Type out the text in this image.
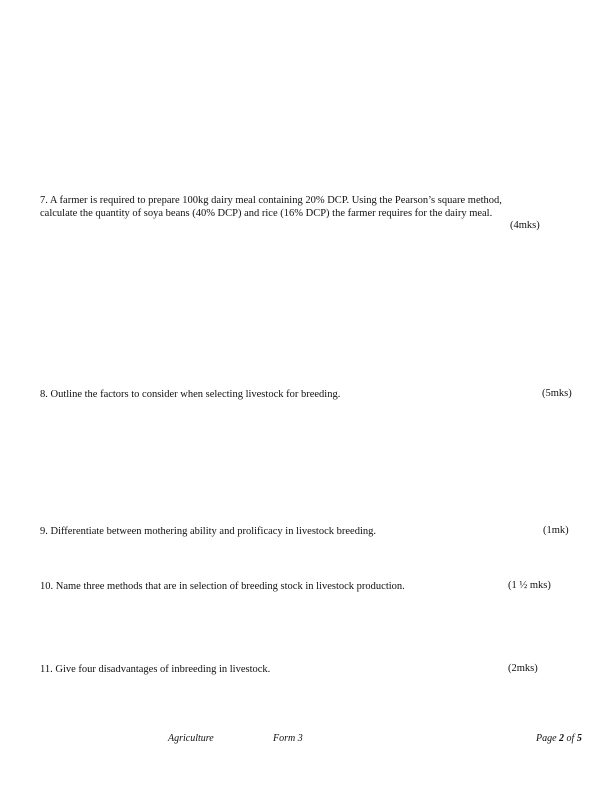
7. A farmer is required to prepare 100kg dairy meal containing 20% DCP. Using the Pearson’s square method,
calculate the quantity of soya beans (40% DCP) and rice (16% DCP) the farmer requires for the dairy meal.
(4mks)
8. Outline the factors to consider when selecting livestock for breeding.	(5mks)
9. Differentiate between mothering ability and prolificacy in livestock breeding.	(1mk)
10. Name three methods that are in selection of breeding stock in livestock production.	(1 ½ mks)
11. Give four disadvantages of inbreeding in livestock.	(2mks)
Agriculture	Form 3	Page 2 of 5
